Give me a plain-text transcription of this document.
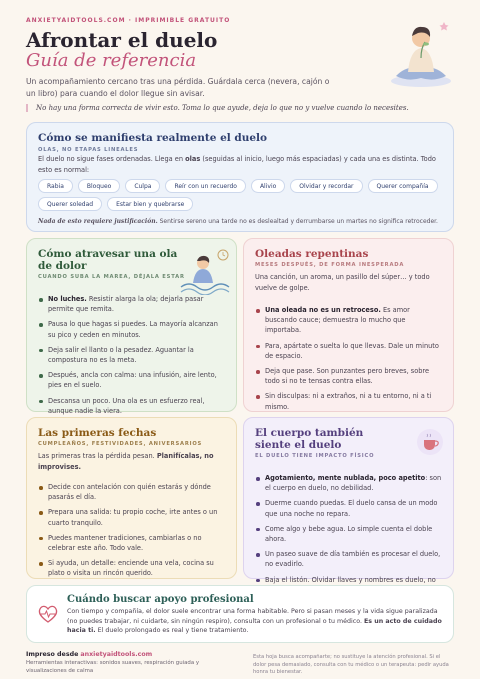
ANXIETYAIDTOOLS.COM · IMPRIMIBLE GRATUITO
Afrontar el duelo
Guía de referencia

Un acompañamiento cercano tras una pérdida. Guárdala cerca (nevera, cajón o un libro) para cuando el dolor llegue sin avisar.

No hay una forma correcta de vivir esto. Toma lo que ayude, deja lo que no y vuelve cuando lo necesites.

Cómo se manifiesta realmente el duelo
OLAS, NO ETAPAS LINEALES

El duelo no sigue fases ordenadas. Llega en olas (seguidas al inicio, luego más espaciadas) y cada una es distinta. Todo esto es normal:

Rabia	Bloqueo	Culpa	Reír con un recuerdo	Alivio	Olvidar y recordar	Querer compañía
Querer soledad	Estar bien y quebrarse

Nada de esto requiere justificación. Sentirse sereno una tarde no es deslealtad y derrumbarse un martes no significa retroceder.

Cómo atravesar una ola de dolor
CUANDO SUBA LA MAREA, DÉJALA ESTAR
No luches. Resistir alarga la ola; dejarla pasar permite que remita.
Pausa lo que hagas si puedes. La mayoría alcanzan su pico y ceden en minutos.
Deja salir el llanto o la pesadez. Aguantar la compostura no es la meta.
Después, ancla con calma: una infusión, aire lento, pies en el suelo.
Descansa un poco. Una ola es un esfuerzo real, aunque nadie la viera.
Oleadas repentinas
MESES DESPUÉS, DE FORMA INESPERADA

Una canción, un aroma, un pasillo del súper… y todo vuelve de golpe.

Una oleada no es un retroceso. Es amor buscando cauce; demuestra lo mucho que importaba.
Para, apártate o suelta lo que llevas. Dale un minuto de espacio.
Deja que pase. Son punzantes pero breves, sobre todo si no te tensas contra ellas.
Sin disculpas: ni a extraños, ni a tu entorno, ni a ti mismo.
Las primeras fechas
CUMPLEAÑOS, FESTIVIDADES, ANIVERSARIOS

Las primeras tras la pérdida pesan. Planifícalas, no improvises.

Decide con antelación con quién estarás y dónde pasarás el día.
Prepara una salida: tu propio coche, irte antes o un cuarto tranquilo.
Puedes mantener tradiciones, cambiarlas o no celebrar este año. Todo vale.
Si ayuda, un detalle: enciende una vela, cocina su plato o visita un rincón querido.
El cuerpo también siente el duelo
EL DUELO TIENE IMPACTO FÍSICO
Agotamiento, mente nublada, poco apetito: son el cuerpo en duelo, no debilidad.
Duerme cuando puedas. El duelo cansa de un modo que una noche no repara.
Come algo y bebe agua. Lo simple cuenta el doble ahora.
Un paseo suave de día también es procesar el duelo, no evadirlo.
Baja el listón. Olvidar llaves y nombres es duelo, no
Cuándo buscar apoyo profesional

Con tiempo y compañía, el dolor suele encontrar una forma habitable. Pero si pasan meses y la vida sigue paralizada (no puedes trabajar, ni cuidarte, sin ningún respiro), consulta con un profesional o tu médico. Es un acto de cuidado hacia ti. El duelo prolongado es real y tiene tratamiento.

Impreso desde anxietyaidtools.com
Herramientas interactivas: sonidos suaves, respiración guiada y visualizaciones de calma

Esta hoja busca acompañarte; no sustituye la atención profesional. Si el dolor pesa demasiado, consulta con tu médico o un terapeuta: pedir ayuda honra tu bienestar.
